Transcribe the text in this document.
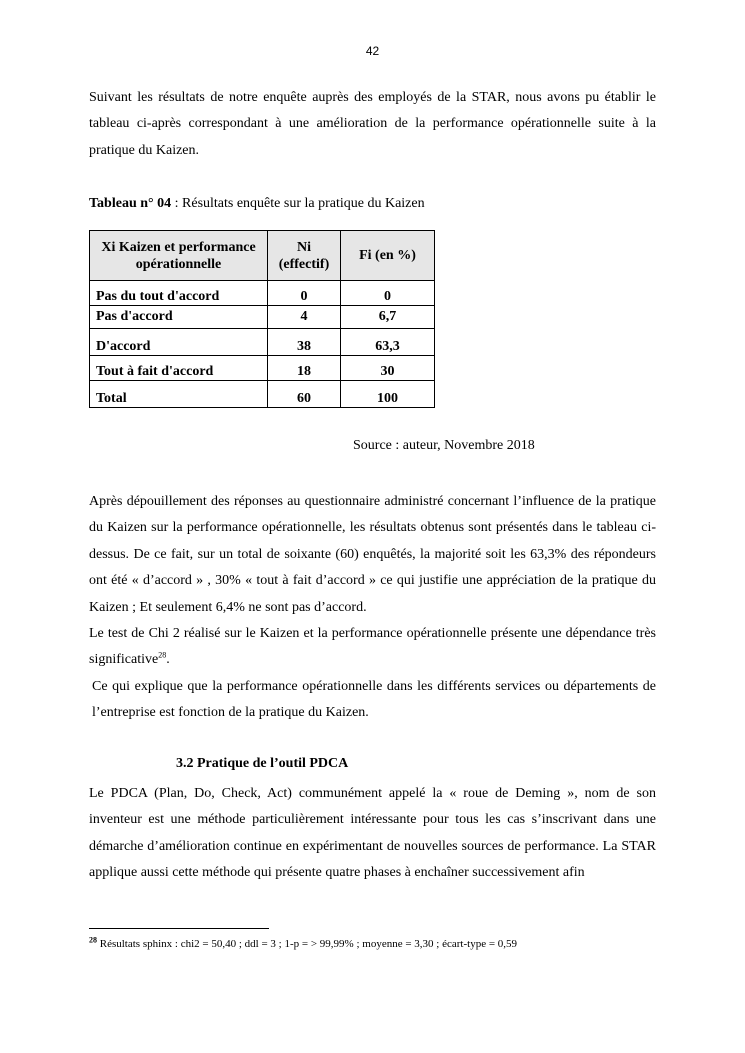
42

Suivant les résultats de notre enquête auprès des employés de la STAR, nous avons pu établir le tableau ci-après correspondant à une amélioration de la performance opérationnelle suite à la pratique du Kaizen.

Tableau n° 04 : Résultats enquête sur la pratique du Kaizen
Xi Kaizen et performance opérationnelle	Ni (effectif)	Fi (en %)
Pas du tout d'accord	0	0
Pas d'accord	4	6,7
D'accord	38	63,3
Tout à fait d'accord	18	30
Total	60	100
Source : auteur, Novembre 2018

Après dépouillement des réponses au questionnaire administré concernant l’influence de la pratique du Kaizen sur la performance opérationnelle, les résultats obtenus sont présentés dans le tableau ci-dessus. De ce fait, sur un total de soixante (60) enquêtés, la majorité soit les 63,3% des répondeurs ont été « d’accord » , 30% « tout à fait d’accord » ce qui justifie une appréciation de la pratique du Kaizen ; Et seulement 6,4% ne sont pas d’accord.

Le test de Chi 2 réalisé sur le Kaizen et la performance opérationnelle présente une dépendance très significative$^{28}$.

Ce qui explique que la performance opérationnelle dans les différents services ou départements de l’entreprise est fonction de la pratique du Kaizen.

3.2 Pratique de l’outil PDCA

Le PDCA (Plan, Do, Check, Act) communément appelé la « roue de Deming », nom de son inventeur est une méthode particulièrement intéressante pour tous les cas s’inscrivant dans une démarche d’amélioration continue en expérimentant de nouvelles sources de performance. La STAR applique aussi cette méthode qui présente quatre phases à enchaîner successivement afin

$^{28}$ Résultats sphinx : chi2 = 50,40 ; ddl = 3 ; 1-p = > 99,99% ; moyenne = 3,30 ; écart-type = 0,59
